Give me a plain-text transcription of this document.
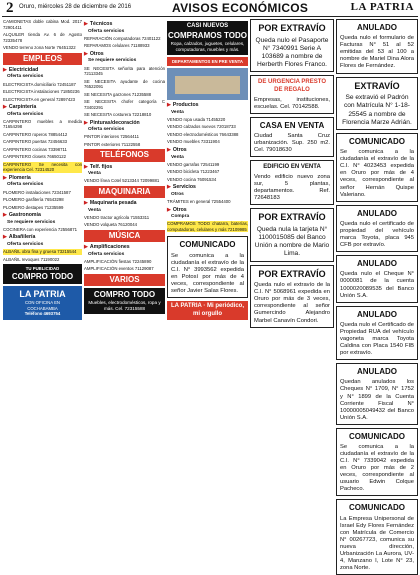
2 Oruro, miércoles 28 de diciembre de 2016	AVISOS ECONÓMICOS	LA PATRIA

CAMIONETAS doble cabina Mod. 2017 72901411

ALQUILER tienda Av. 6 de Agosto 72335478

VENDO terreno zona Norte 76451322

EMPLEOS
▶ Electricidad
Oferta servicios

ELECTRICISTA domiciliario 72451187

ELECTRICISTA instalaciones 71850236

ELECTRICISTA en general 72897423

▶ Carpintería
Oferta servicios

CARPINTERO muebles a medida 71654298

CARPINTERO roperos 78854412

CARPINTERO puertas 72456633

CARPINTERO cocinas 73398711

CARPINTERO closets 76650122

CARPINTERO Se necesita con experiencia Cel. 72314520

▶ Plomería
Oferta servicios

PLOMERO instalaciones 72341587

PLOMERO gasfitería 76543298

PLOMERO destapes 71235599

▶ Gastronomía
Se requiere servicios

COCINERA con experiencia 72556871

▶ Albañilería
Oferta servicios

ALBAÑIL obra fina y gruesa 73215544

ALBAÑIL revoques 71190022

TU PUBLICIDAD
COMPRO TODO
LA PATRIA
CON OFICINA EN
COCHABAMBA
Teléfono 4693754
▶ Técnicos
Oferta servicios

REPARACIÓN computadoras 72401122

REPARAMOS celulares 71188933

▶ Otros
Se requiere servicios

SE NECESITA señorita para atención 72113345

SE NECESITA ayudante de cocina 76522091

SE NECESITA garzones 71235588

SE NECESITA chofer categoría C 73402291

SE NECESITA costurera 72218810

▶ Pinturas/decoración
Oferta servicios

PINTOR interiores 72564411

PINTOR exteriores 71122558

TELÉFONOS
▶ Telf. fijos
Venta

VENDO línea Cotel 5213344 72099881

MAQUINARIA
▶ Maquinaria pesada
Venta

VENDO tractor agrícola 71553311

VENDO volqueta 76120044

MÚSICA
▶ Amplificaciones
Oferta servicios

AMPLIFICACIÓN fiestas 72245890

AMPLIFICACIÓN eventos 71129087

VARIOS
COMPRO TODO
Muebles, electrodomésticos, ropa y más. Cel. 72315588
CASI NUEVOS
COMPRAMOS TODO
Ropa, calzados, juguetes, celulares, computadoras, muebles y más.
DEPARTAMENTOS EN PRE VENTA
▶ Productos
Venta

VENDO ropa usada 71455220

VENDO calzados nuevos 72018733

VENDO electrodomésticos 76643388

VENDO muebles 73311904

▶ Otros
Venta

VENDO garrafas 72541199

VENDO bicicleta 71223467

VENDO cocina 76091534

▶ Servicios
Otros

TRÁMITES en general 72554400

▶ Otros
Compra

COMPRAMOS TODO chatarra, baterías, computadoras, celulares y más 72109985

COMUNICADO
Se comunica a la ciudadanía el extravío de la C.I. N° 3993562 expedida en Potosí por más de 4 veces, correspondiente al señor Javier Salas Flores.
LA PATRIA · Mi periódico, mi orgullo
POR EXTRAVÍO
Queda nulo el Pasaporte N° 7340991 Serie A 103689 a nombre de Herberth Flores Franco.
DE URGENCIA PRESTO DE REGALO
Empresas, instituciones, escuelas. Cel. 70142588.
CASA EN VENTA
Ciudad Santa Cruz urbanización. Sup. 250 m2. Cel. 79018630
EDIFICIO EN VENTA
Vendo edificio nuevo zona sur, 5 plantas, departamentos. Ref. 72648183
POR EXTRAVÍO
Queda nula la tarjeta N° 1100015085 del Banco Unión a nombre de Mario Lima.
POR EXTRAVÍO
Queda nulo el extravío de la C.I. N° 5068961 expedida en Oruro por más de 3 veces, correspondiente al señor Gumercindo Alejandro Marbel Canavín Condori.
ANULADO
Queda nulo el formulario de Facturas N° 51 al 52 emitidas del 53 al 100 a nombre de Mariel Dina Alora Flores de Fernández.
EXTRAVÍO
Se extravió el Padrón con Matrícula N° 1-18-25545 a nombre de Florencia Marze Adrián.
COMUNICADO
Se comunica a la ciudadanía el extravío de la C.I. N° 4023453 expedida en Oruro por más de 4 veces, correspondiente al señor Hernán Quispe Valeriano.
ANULADO
Queda nulo el certificado de propiedad del vehículo marca Toyota, placa 945 CFB por extravío.
ANULADO
Queda nulo el Cheque N° 0000081 de la cuenta 1000020089535 del Banco Unión S.A.
ANULADO
Queda nulo el Certificado de Propiedad RUA del vehículo vagoneta marca Toyota Caldina con Placa 1540 FIB por extravío.
ANULADO
Quedan anulados los Cheques N° 1709, N° 1752 y N° 1899 de la Cuenta Corriente Fiscal N° 10000005049432 del Banco Unión S.A.
COMUNICADO
Se comunica a la ciudadanía el extravío de la C.I. N° 7339042 expedida en Oruro por más de 2 veces, correspondiente al usuario Edwin Colque Pacheco.
COMUNICADO
La Empresa Unipersonal de Israel Edy Flores Fernández con Matrícula de Comercio N° 00267723, comunica su nueva dirección, Urbanización La Aurora, UV-4, Manzano I, Lote N° 23, zona Norte.
